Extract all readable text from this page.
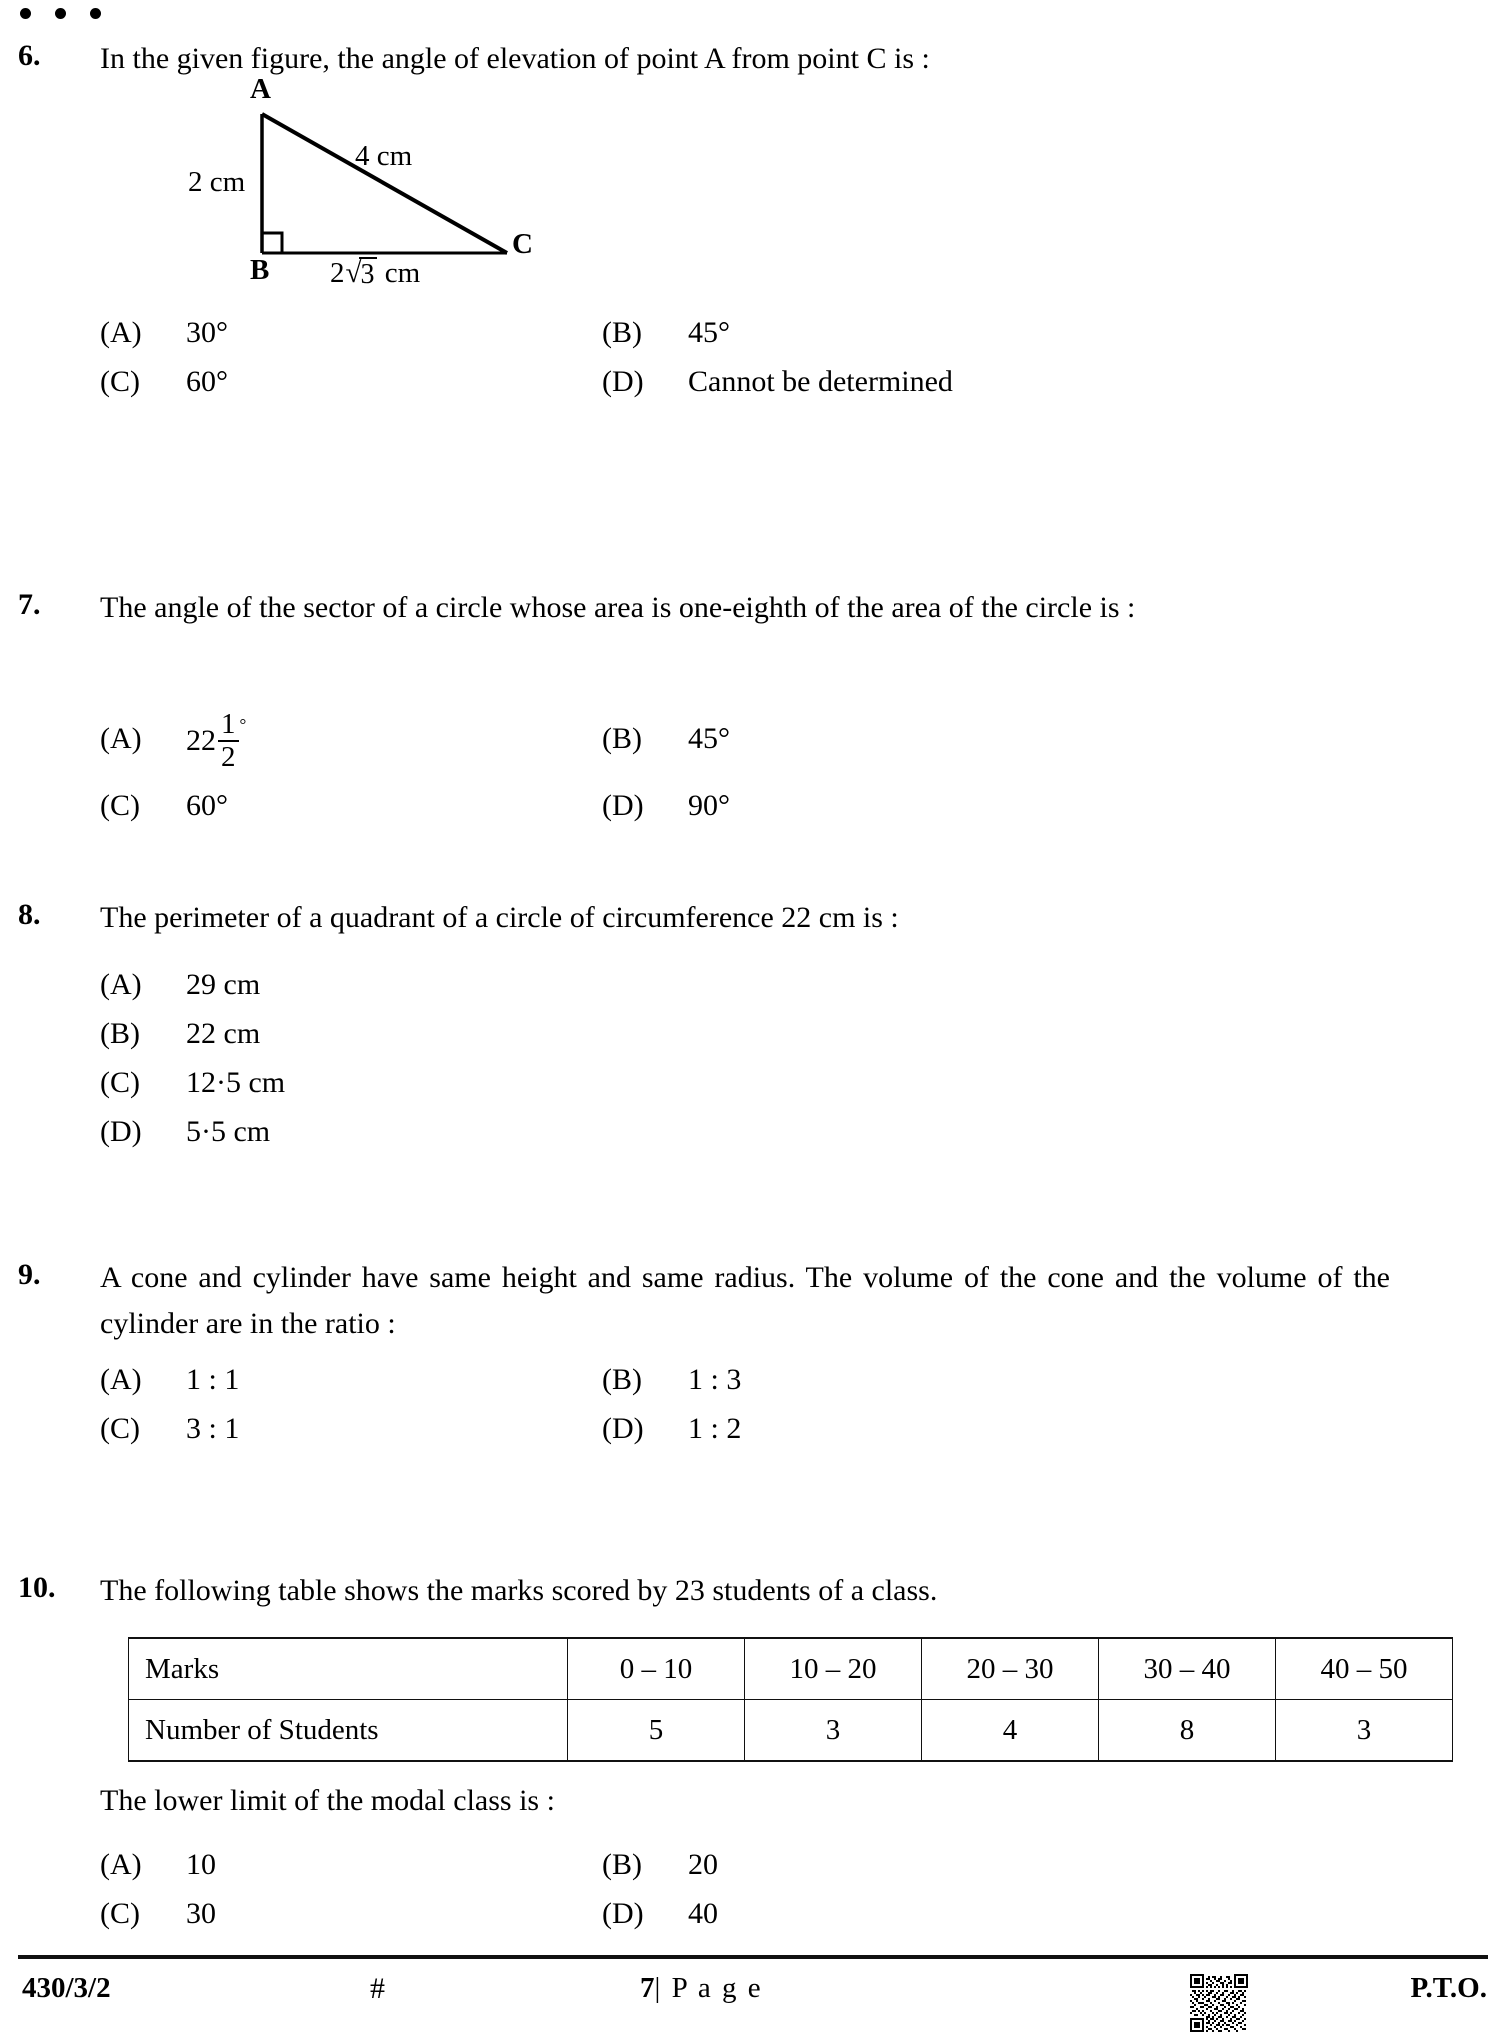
6. In the given figure, the angle of elevation of point A from point C is :
A
B
C
2 cm
4 cm
2 √ 3
cm
(A) 30°	(B) 45°
(C) 60°	(D) Cannot be determined
7. The angle of the sector of a circle whose area is one-eighth of the area of the circle is :
(A) $22 \frac{1}{2}$ °	(B) 45°
(C) 60°	(D) 90°
8. The perimeter of a quadrant of a circle of circumference 22 cm is :
(A) 29 cm
(B) 22 cm
(C) 12·5 cm
(D) 5·5 cm
9. A cone and cylinder have same height and same radius. The volume of the cone and the volume of the cylinder are in the ratio :
(A) 1 : 1	(B) 1 : 3
(C) 3 : 1	(D) 1 : 2
10. The following table shows the marks scored by 23 students of a class.
Marks	0 – 10	10 – 20	20 – 30	30 – 40	40 – 50
Number of Students	5	3	4	8	3
The lower limit of the modal class is :
(A) 10	(B) 20
(C) 30	(D) 40
430/3/2	#	7| P a g e	P.T.O.
